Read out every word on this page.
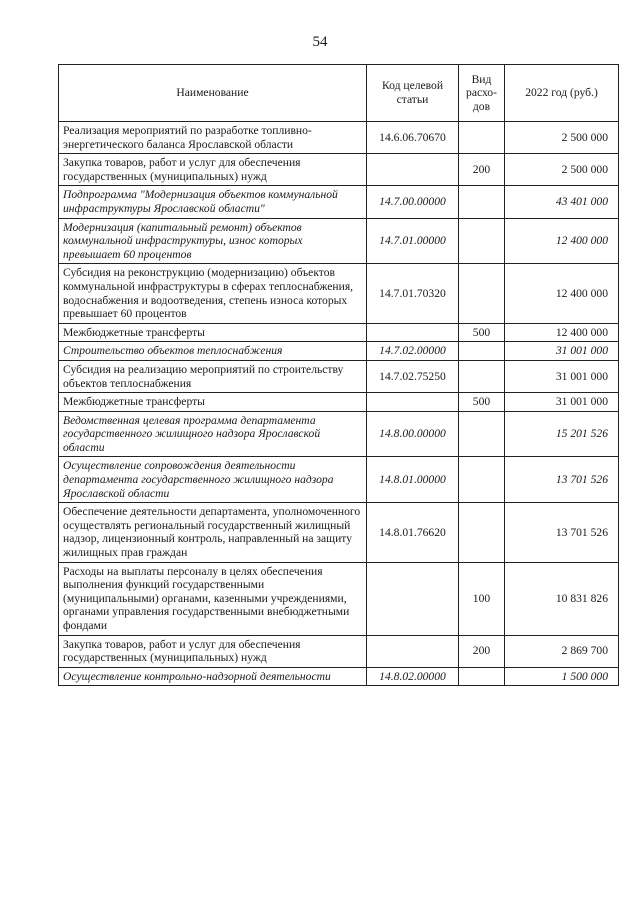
54
Наименование	Код целевой статьи	Вид расхо-дов	2022 год (руб.)
Реализация мероприятий по разработке топливно-энергетического баланса Ярославской области	14.6.06.70670		2 500 000
Закупка товаров, работ и услуг для обеспечения государственных (муниципальных) нужд		200	2 500 000
Подпрограмма "Модернизация объектов коммунальной инфраструктуры Ярославской области"	14.7.00.00000		43 401 000
Модернизация (капитальный ремонт) объектов коммунальной инфраструктуры, износ которых превышает 60 процентов	14.7.01.00000		12 400 000
Субсидия на реконструкцию (модернизацию) объектов коммунальной инфраструктуры в сферах теплоснабжения, водоснабжения и водоотведения, степень износа которых превышает 60 процентов	14.7.01.70320		12 400 000
Межбюджетные трансферты		500	12 400 000
Строительство объектов теплоснабжения	14.7.02.00000		31 001 000
Субсидия на реализацию мероприятий по строительству объектов теплоснабжения	14.7.02.75250		31 001 000
Межбюджетные трансферты		500	31 001 000
Ведомственная целевая программа департамента государственного жилищного надзора Ярославской области	14.8.00.00000		15 201 526
Осуществление сопровождения деятельности департамента государственного жилищного надзора Ярославской области	14.8.01.00000		13 701 526
Обеспечение деятельности департамента, уполномоченного осуществлять региональный государственный жилищный надзор, лицензионный контроль, направленный на защиту жилищных прав граждан	14.8.01.76620		13 701 526
Расходы на выплаты персоналу в целях обеспечения выполнения функций государственными (муниципальными) органами, казенными учреждениями, органами управления государственными внебюджетными фондами		100	10 831 826
Закупка товаров, работ и услуг для обеспечения государственных (муниципальных) нужд		200	2 869 700
Осуществление контрольно-надзорной деятельности	14.8.02.00000		1 500 000
